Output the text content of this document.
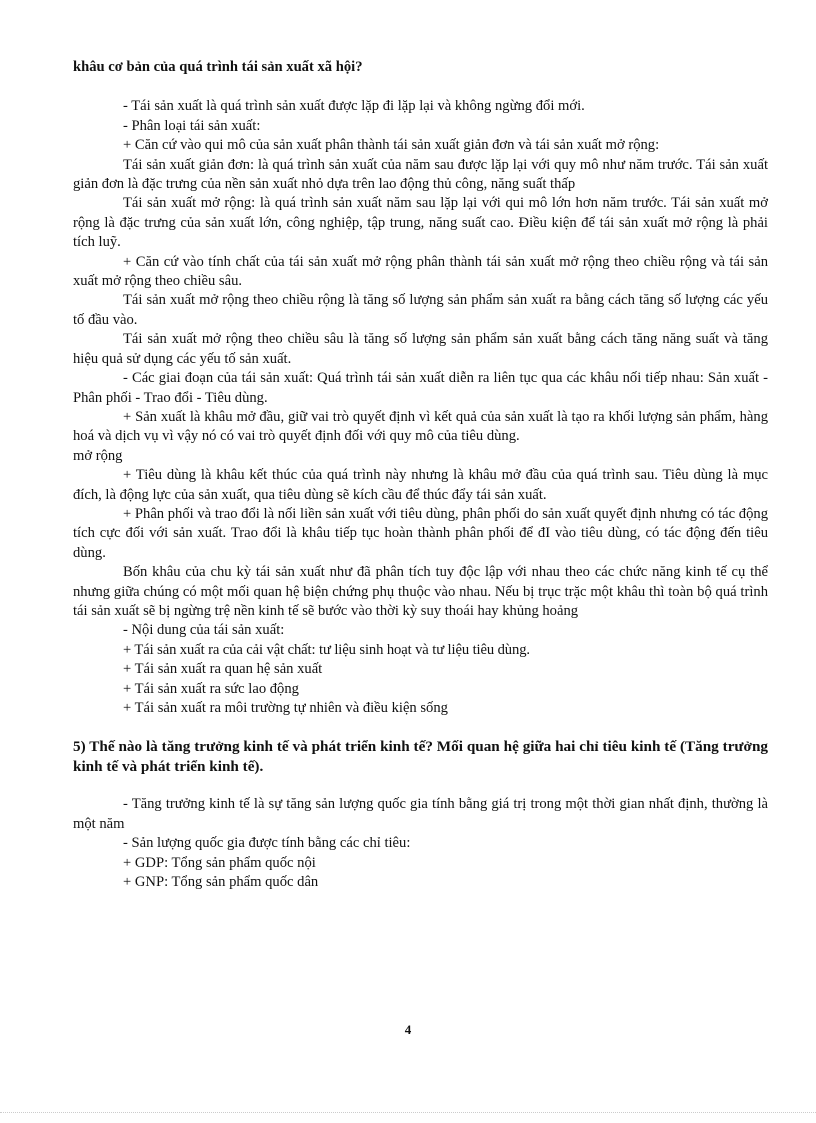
khâu cơ bản của quá trình tái sản xuất xã hội?

- Tái sản xuất là quá trình sản xuất được lặp đi lặp lại và không ngừng đổi mới.

- Phân loại tái sản xuất:

+ Căn cứ vào qui mô của sản xuất phân thành tái sản xuất giản đơn và tái sản xuất mở rộng:

Tái sản xuất giản đơn: là quá trình sản xuất của năm sau được lặp lại với quy mô như năm trước. Tái sản xuất giản đơn là đặc trưng của nền sản xuất nhỏ dựa trên lao động thủ công, năng suất thấp

Tái sản xuất mở rộng: là quá trình sản xuất năm sau lặp lại với qui mô lớn hơn năm trước. Tái sản xuất mở rộng là đặc trưng của sản xuất lớn, công nghiệp, tập trung, năng suất cao. Điều kiện để tái sản xuất mở rộng là phải tích luỹ.

+ Căn cứ vào tính chất của tái sản xuất mở rộng phân thành tái sản xuất mở rộng theo chiều rộng và tái sản xuất mở rộng theo chiều sâu.

Tái sản xuất mở rộng theo chiều rộng là tăng số lượng sản phẩm sản xuất ra bằng cách tăng số lượng các yếu tố đầu vào.

Tái sản xuất mở rộng theo chiều sâu là tăng số lượng sản phẩm sản xuất bằng cách tăng năng suất và tăng hiệu quả sử dụng các yếu tố sản xuất.

- Các giai đoạn của tái sản xuất: Quá trình tái sản xuất diễn ra liên tục qua các khâu nối tiếp nhau: Sản xuất - Phân phối - Trao đổi - Tiêu dùng.

+ Sản xuất là khâu mở đầu, giữ vai trò quyết định vì kết quả của sản xuất là tạo ra khối lượng sản phẩm, hàng hoá và dịch vụ vì vậy nó có vai trò quyết định đối với quy mô của tiêu dùng.

mở rộng

+ Tiêu dùng là khâu kết thúc của quá trình này nhưng là khâu mở đầu của quá trình sau. Tiêu dùng là mục đích, là động lực của sản xuất, qua tiêu dùng sẽ kích cầu để thúc đẩy tái sản xuất.

+ Phân phối và trao đổi là nối liền sản xuất với tiêu dùng, phân phối do sản xuất quyết định nhưng có tác động tích cực đối với sản xuất. Trao đổi là khâu tiếp tục hoàn thành phân phối để đI vào tiêu dùng, có tác động đến tiêu dùng.

Bốn khâu của chu kỳ tái sản xuất như đã phân tích tuy độc lập với nhau theo các chức năng kinh tế cụ thể nhưng giữa chúng có một mối quan hệ biện chứng phụ thuộc vào nhau. Nếu bị trục trặc một khâu thì toàn bộ quá trình tái sản xuất sẽ bị ngừng trệ nền kinh tế sẽ bước vào thời kỳ suy thoái hay khủng hoảng

- Nội dung của tái sản xuất:

+ Tái sản xuất ra của cải vật chất: tư liệu sinh hoạt và tư liệu tiêu dùng.

+ Tái sản xuất ra quan hệ sản xuất

+ Tái sản xuất ra sức lao động

+ Tái sản xuất ra môi trường tự nhiên và điều kiện sống

5) Thế nào là tăng trưởng kinh tế và phát triển kinh tế? Mối quan hệ giữa hai chỉ tiêu kinh tế (Tăng trưởng kinh tế và phát triển kinh tế).

- Tăng trưởng kinh tế là sự tăng sản lượng quốc gia tính bằng giá trị trong một thời gian nhất định, thường là một năm

- Sản lượng quốc gia được tính bằng các chỉ tiêu:

+ GDP: Tổng sản phẩm quốc nội

+ GNP: Tổng sản phẩm quốc dân

4
